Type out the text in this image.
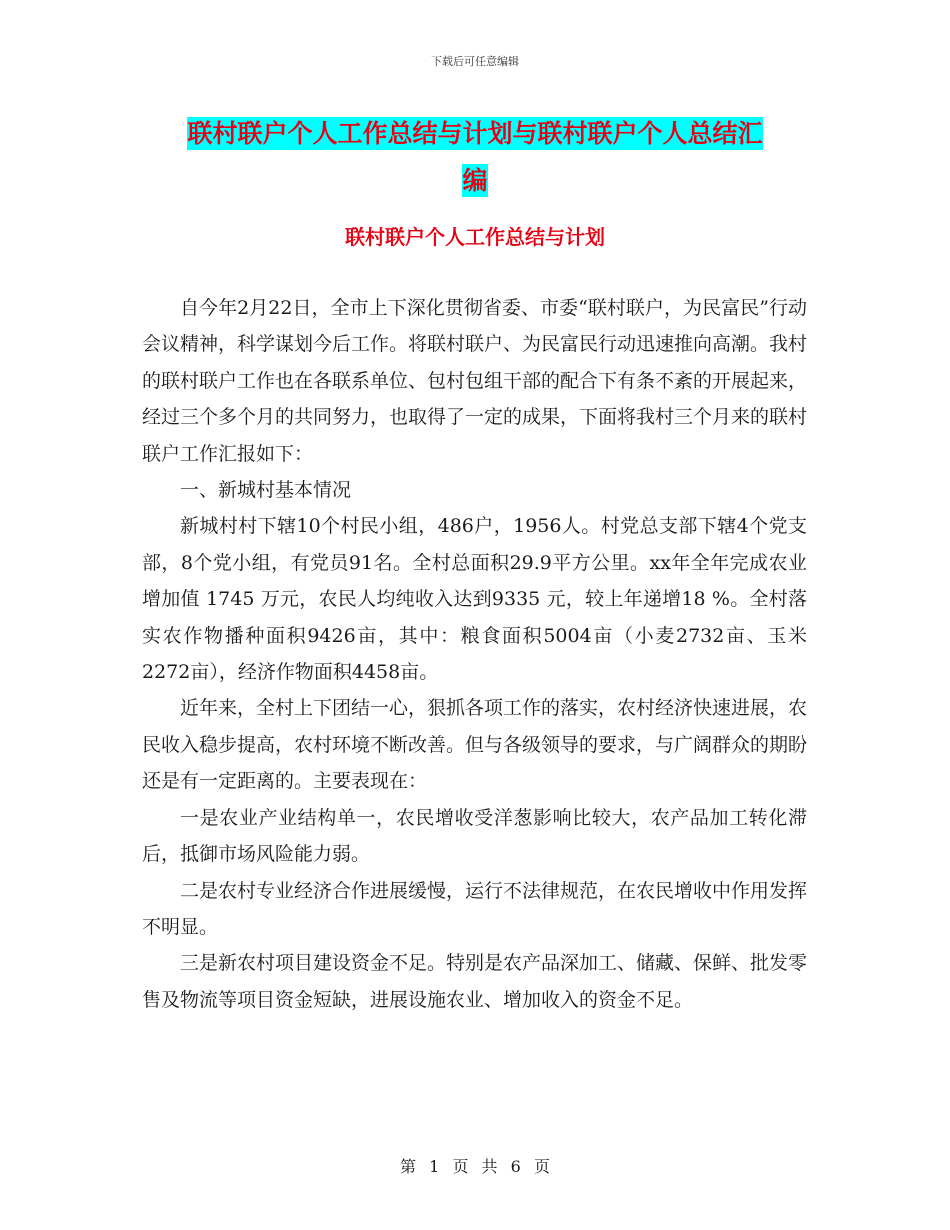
下载后可任意编辑
联村联户个人工作总结与计划与联村联户个人总结汇
编
联村联户个人工作总结与计划

自今年2月22日，全市上下深化贯彻省委、市委“联村联户，为民富民”行动会议精神，科学谋划今后工作。将联村联户、为民富民行动迅速推向高潮。我村的联村联户工作也在各联系单位、包村包组干部的配合下有条不紊的开展起来，经过三个多个月的共同努力，也取得了一定的成果，下面将我村三个月来的联村联户工作汇报如下：

一、新城村基本情况

新城村村下辖10个村民小组，486户，1956人。村党总支部下辖4个党支部，8个党小组，有党员91名。全村总面积29.9平方公里。xx年全年完成农业增加值 1745 万元，农民人均纯收入达到9335 元，较上年递增18 %。全村落实农作物播种面积9426亩，其中：粮食面积5004亩（小麦2732亩、玉米2272亩），经济作物面积4458亩。

近年来，全村上下团结一心，狠抓各项工作的落实，农村经济快速进展，农民收入稳步提高，农村环境不断改善。但与各级领导的要求，与广阔群众的期盼还是有一定距离的。主要表现在：

一是农业产业结构单一，农民增收受洋葱影响比较大，农产品加工转化滞后，抵御市场风险能力弱。

二是农村专业经济合作进展缓慢，运行不法律规范，在农民增收中作用发挥不明显。

三是新农村项目建设资金不足。特别是农产品深加工、储藏、保鲜、批发零售及物流等项目资金短缺，进展设施农业、增加收入的资金不足。

第 1 页 共 6 页
